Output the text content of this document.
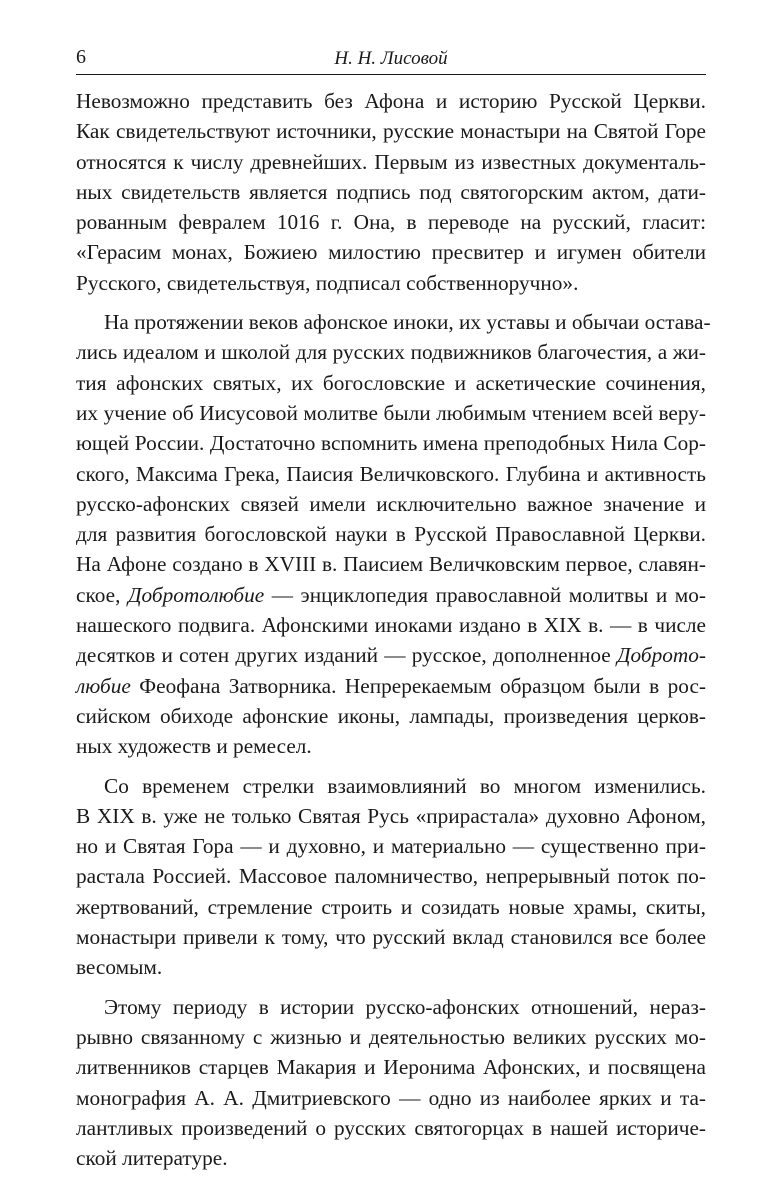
6	Н. Н. Лисовой
Невозможно представить без Афона и историю Русской Церкви.
Как свидетельствуют источники, русские монастыри на Святой Горе
относятся к числу древнейших. Первым из известных документаль-
ных свидетельств является подпись под святогорским актом, дати-
рованным февралем 1016 г. Она, в переводе на русский, гласит:
«Герасим монах, Божиею милостию пресвитер и игумен обители
Русского, свидетельствуя, подписал собственноручно».
На протяжении веков афонское иноки, их уставы и обычаи остава-
лись идеалом и школой для русских подвижников благочестия, а жи-
тия афонских святых, их богословские и аскетические сочинения,
их учение об Иисусовой молитве были любимым чтением всей веру-
ющей России. Достаточно вспомнить имена преподобных Нила Сор-
ского, Максима Грека, Паисия Величковского. Глубина и активность
русско-афонских связей имели исключительно важное значение и
для развития богословской науки в Русской Православной Церкви.
На Афоне создано в XVIII в. Паисием Величковским первое, славян-
ское, Добротолюбие — энциклопедия православной молитвы и мо-
нашеского подвига. Афонскими иноками издано в XIX в. — в числе
десятков и сотен других изданий — русское, дополненное Доброто-
любие Феофана Затворника. Непререкаемым образцом были в рос-
сийском обиходе афонские иконы, лампады, произведения церков-
ных художеств и ремесел.
Со временем стрелки взаимовлияний во многом изменились.
В XIX в. уже не только Святая Русь «прирастала» духовно Афоном,
но и Святая Гора — и духовно, и материально — существенно при-
растала Россией. Массовое паломничество, непрерывный поток по-
жертвований, стремление строить и созидать новые храмы, скиты,
монастыри привели к тому, что русский вклад становился все более
весомым.
Этому периоду в истории русско-афонских отношений, нераз-
рывно связанному с жизнью и деятельностью великих русских мо-
литвенников старцев Макария и Иеронима Афонских, и посвящена
монография А. А. Дмитриевского — одно из наиболее ярких и та-
лантливых произведений о русских святогорцах в нашей историче-
ской литературе.
